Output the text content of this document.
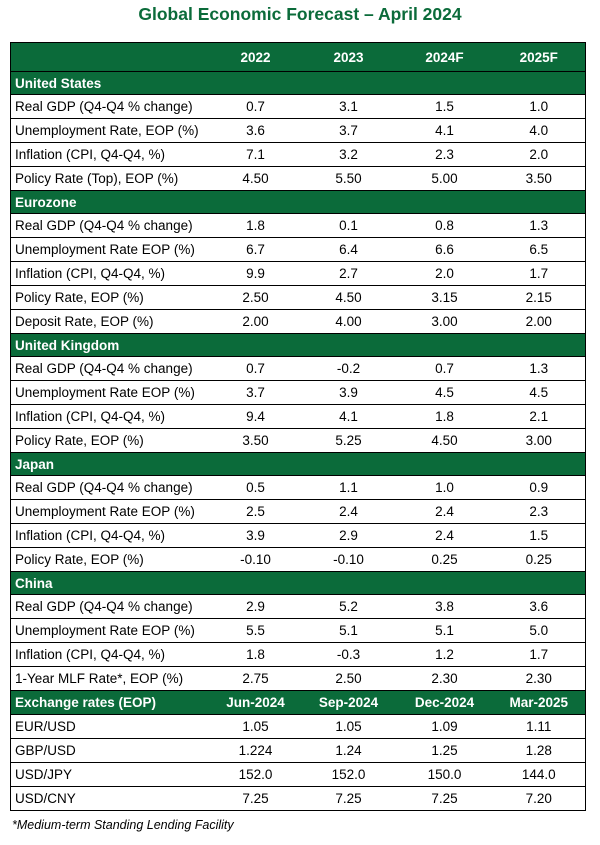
Global Economic Forecast – April 2024
	2022	2023	2024F	2025F
United States				
Real GDP (Q4-Q4 % change)	0.7	3.1	1.5	1.0
Unemployment Rate, EOP (%)	3.6	3.7	4.1	4.0
Inflation (CPI, Q4-Q4, %)	7.1	3.2	2.3	2.0
Policy Rate (Top), EOP (%)	4.50	5.50	5.00	3.50
Eurozone				
Real GDP (Q4-Q4 % change)	1.8	0.1	0.8	1.3
Unemployment Rate EOP (%)	6.7	6.4	6.6	6.5
Inflation (CPI, Q4-Q4, %)	9.9	2.7	2.0	1.7
Policy Rate, EOP (%)	2.50	4.50	3.15	2.15
Deposit Rate, EOP (%)	2.00	4.00	3.00	2.00
United Kingdom				
Real GDP (Q4-Q4 % change)	0.7	-0.2	0.7	1.3
Unemployment Rate EOP (%)	3.7	3.9	4.5	4.5
Inflation (CPI, Q4-Q4, %)	9.4	4.1	1.8	2.1
Policy Rate, EOP (%)	3.50	5.25	4.50	3.00
Japan				
Real GDP (Q4-Q4 % change)	0.5	1.1	1.0	0.9
Unemployment Rate EOP (%)	2.5	2.4	2.4	2.3
Inflation (CPI, Q4-Q4, %)	3.9	2.9	2.4	1.5
Policy Rate, EOP (%)	-0.10	-0.10	0.25	0.25
China				
Real GDP (Q4-Q4 % change)	2.9	5.2	3.8	3.6
Unemployment Rate EOP (%)	5.5	5.1	5.1	5.0
Inflation (CPI, Q4-Q4, %)	1.8	-0.3	1.2	1.7
1-Year MLF Rate*, EOP (%)	2.75	2.50	2.30	2.30
Exchange rates (EOP)	Jun-2024	Sep-2024	Dec-2024	Mar-2025
EUR/USD	1.05	1.05	1.09	1.11
GBP/USD	1.224	1.24	1.25	1.28
USD/JPY	152.0	152.0	150.0	144.0
USD/CNY	7.25	7.25	7.25	7.20
*Medium-term Standing Lending Facility
